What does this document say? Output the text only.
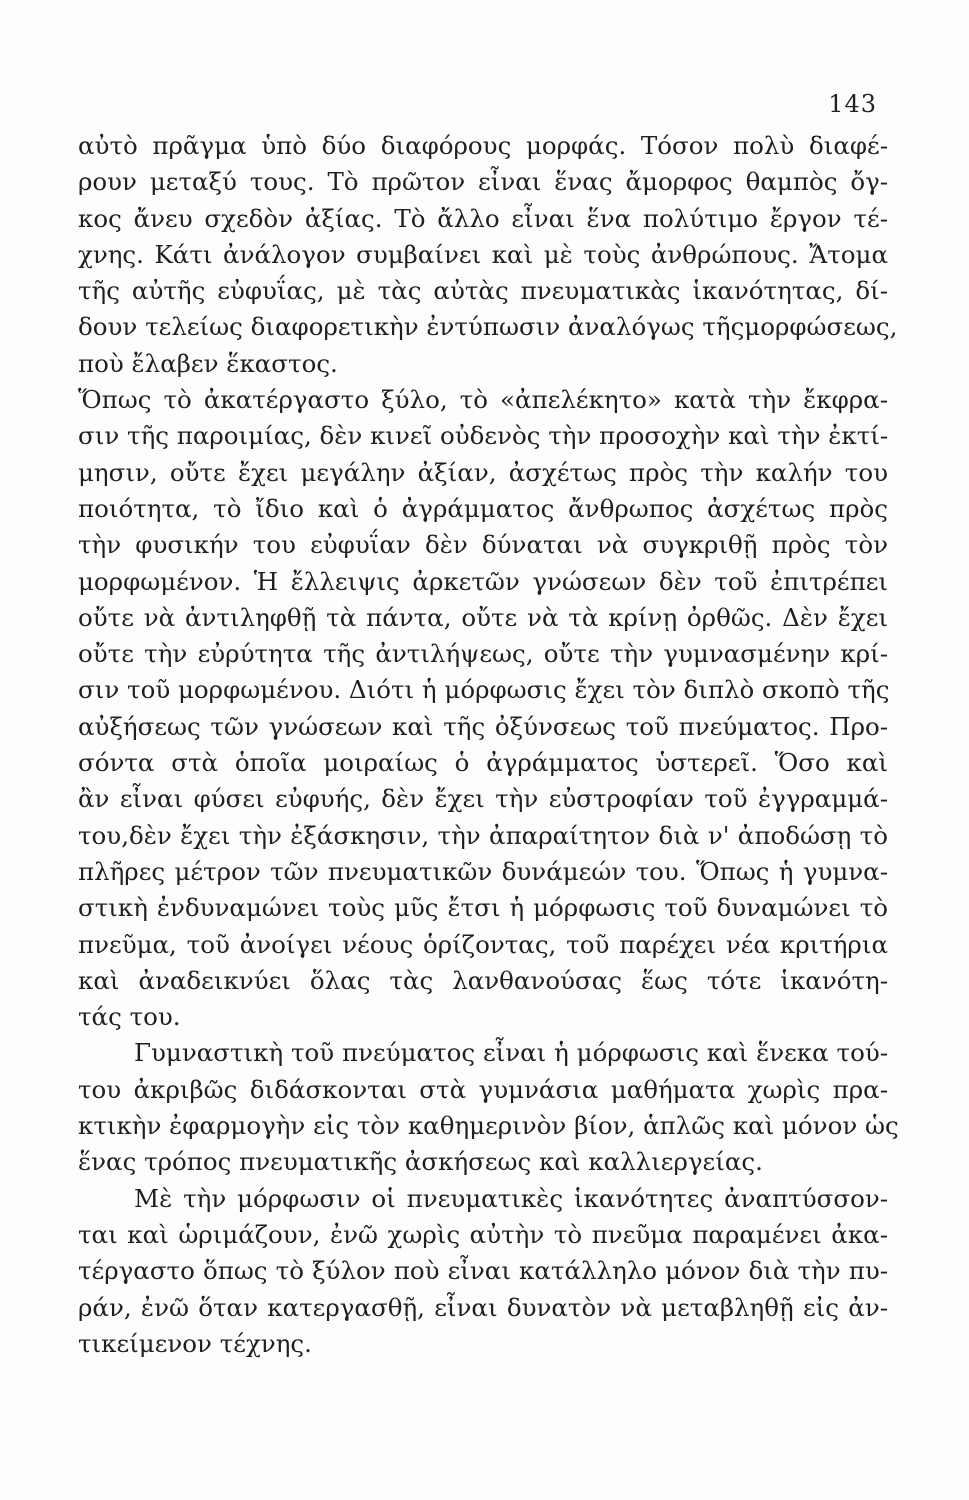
143

αὐτὸ πρᾶγμα ὑπὸ δύο διαφόρους μορφάς. Τόσον πολὺ διαφέ-
ρουν μεταξύ τους. Τὸ πρῶτον εἶναι ἕνας ἄμορφος θαμπὸς ὄγ-
κος ἄνευ σχεδὸν ἀξίας. Τὸ ἄλλο εἶναι ἕνα πολύτιμο ἔργον τέ-
χνης. Κάτι ἀνάλογον συμβαίνει καὶ μὲ τοὺς ἀνθρώπους. Ἄτομα
τῆς αὐτῆς εὐφυΐας, μὲ τὰς αὐτὰς πνευματικὰς ἱκανότητας, δί-
δουν τελείως διαφορετικὴν ἐντύπωσιν ἀναλόγως τῆςμορφώσεως,
ποὺ ἔλαβεν ἕκαστος.

Ὅπως τὸ ἀκατέργαστο ξύλο, τὸ «ἀπελέκητο» κατὰ τὴν ἔκφρα-
σιν τῆς παροιμίας, δὲν κινεῖ οὐδενὸς τὴν προσοχὴν καὶ τὴν ἐκτί-
μησιν, οὔτε ἔχει μεγάλην ἀξίαν, ἀσχέτως πρὸς τὴν καλήν του
ποιότητα, τὸ ἴδιο καὶ ὁ ἀγράμματος ἄνθρωπος ἀσχέτως πρὸς
τὴν φυσικήν του εὐφυΐαν δὲν δύναται νὰ συγκριθῇ πρὸς τὸν
μορφωμένον. Ἡ ἔλλειψις ἀρκετῶν γνώσεων δὲν τοῦ ἐπιτρέπει
οὔτε νὰ ἀντιληφθῇ τὰ πάντα, οὔτε νὰ τὰ κρίνῃ ὀρθῶς. Δὲν ἔχει
οὔτε τὴν εὐρύτητα τῆς ἀντιλήψεως, οὔτε τὴν γυμνασμένην κρί-
σιν τοῦ μορφωμένου. Διότι ἡ μόρφωσις ἔχει τὸν διπλὸ σκοπὸ τῆς
αὐξήσεως τῶν γνώσεων καὶ τῆς ὀξύνσεως τοῦ πνεύματος. Προ-
σόντα στὰ ὁποῖα μοιραίως ὁ ἀγράμματος ὑστερεῖ. Ὅσο καὶ
ἂν εἶναι φύσει εὐφυής, δὲν ἔχει τὴν εὐστροφίαν τοῦ ἐγγραμμά-
του,δὲν ἔχει τὴν ἐξάσκησιν, τὴν ἀπαραίτητον διὰ ν' ἀποδώσῃ τὸ
πλῆρες μέτρον τῶν πνευματικῶν δυνάμεών του. Ὅπως ἡ γυμνα-
στικὴ ἐνδυναμώνει τοὺς μῦς ἔτσι ἡ μόρφωσις τοῦ δυναμώνει τὸ
πνεῦμα, τοῦ ἀνοίγει νέους ὁρίζοντας, τοῦ παρέχει νέα κριτήρια
καὶ ἀναδεικνύει ὅλας τὰς λανθανούσας ἕως τότε ἱκανότη-
τάς του.

Γυμναστικὴ τοῦ πνεύματος εἶναι ἡ μόρφωσις καὶ ἕνεκα τού-
του ἀκριβῶς διδάσκονται στὰ γυμνάσια μαθήματα χωρὶς πρα-
κτικὴν ἐφαρμογὴν εἰς τὸν καθημερινὸν βίον, ἁπλῶς καὶ μόνον ὡς
ἕνας τρόπος πνευματικῆς ἀσκήσεως καὶ καλλιεργείας.

Μὲ τὴν μόρφωσιν οἱ πνευματικὲς ἱκανότητες ἀναπτύσσον-
ται καὶ ὡριμάζουν, ἐνῶ χωρὶς αὐτὴν τὸ πνεῦμα παραμένει ἀκα-
τέργαστο ὅπως τὸ ξύλον ποὺ εἶναι κατάλληλο μόνον διὰ τὴν πυ-
ράν, ἐνῶ ὅταν κατεργασθῇ, εἶναι δυνατὸν νὰ μεταβληθῇ εἰς ἀν-
τικείμενον τέχνης.
